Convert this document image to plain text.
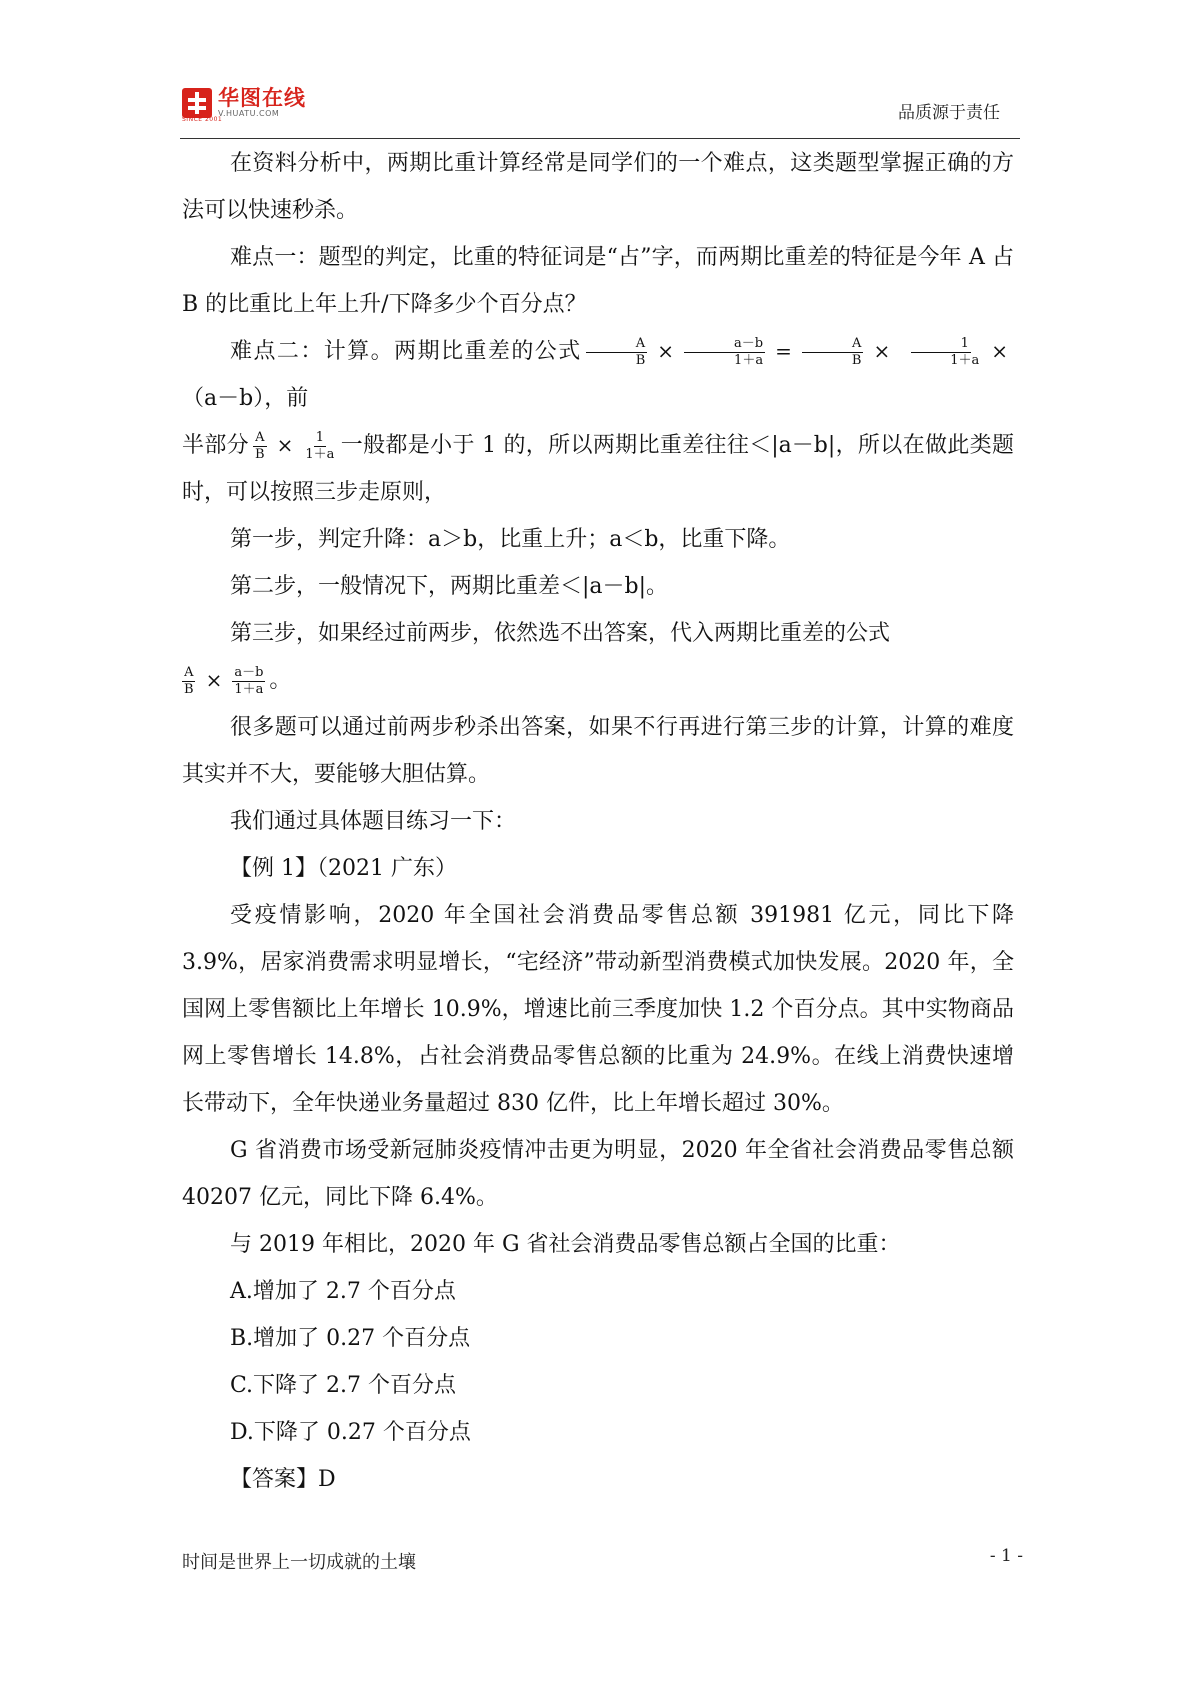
华图在线
V.HUATU.COM
SINCE 2001	品质源于责任

在资料分析中，两期比重计算经常是同学们的一个难点，这类题型掌握正确的方法可以快速秒杀。

难点一：题型的判定，比重的特征词是“占”字，而两期比重差的特征是今年 A 占 B 的比重比上年上升/下降多少个百分点？

难点二：计算。两期比重差的公式 $\frac{A}{B} \times \frac{a-b}{1+a} = \frac{A}{B} \times \frac{1}{1+a} \times(a-b)$，前

半部分 $\frac{A}{B} \times \frac{1}{1+a}$ 一般都是小于 1 的，所以两期比重差往往＜|a－b|，所以在做此类题时，可以按照三步走原则，

第一步，判定升降：a＞b，比重上升；a＜b，比重下降。

第二步，一般情况下，两期比重差＜|a－b|。

第三步，如果经过前两步，依然选不出答案，代入两期比重差的公式

$\frac{A}{B} \times \frac{a-b}{1+a}$ 。

很多题可以通过前两步秒杀出答案，如果不行再进行第三步的计算，计算的难度其实并不大，要能够大胆估算。

我们通过具体题目练习一下：

【例 1】（2021 广东）

受疫情影响，2020 年全国社会消费品零售总额 391981 亿元，同比下降 3.9%，居家消费需求明显增长，“宅经济”带动新型消费模式加快发展。2020 年，全国网上零售额比上年增长 10.9%，增速比前三季度加快 1.2 个百分点。其中实物商品网上零售增长 14.8%，占社会消费品零售总额的比重为 24.9%。在线上消费快速增长带动下，全年快递业务量超过 830 亿件，比上年增长超过 30%。

G 省消费市场受新冠肺炎疫情冲击更为明显，2020 年全省社会消费品零售总额 40207 亿元，同比下降 6.4%。

与 2019 年相比，2020 年 G 省社会消费品零售总额占全国的比重：

A.增加了 2.7 个百分点

B.增加了 0.27 个百分点

C.下降了 2.7 个百分点

D.下降了 0.27 个百分点

【答案】D

时间是世界上一切成就的土壤	- 1 -
